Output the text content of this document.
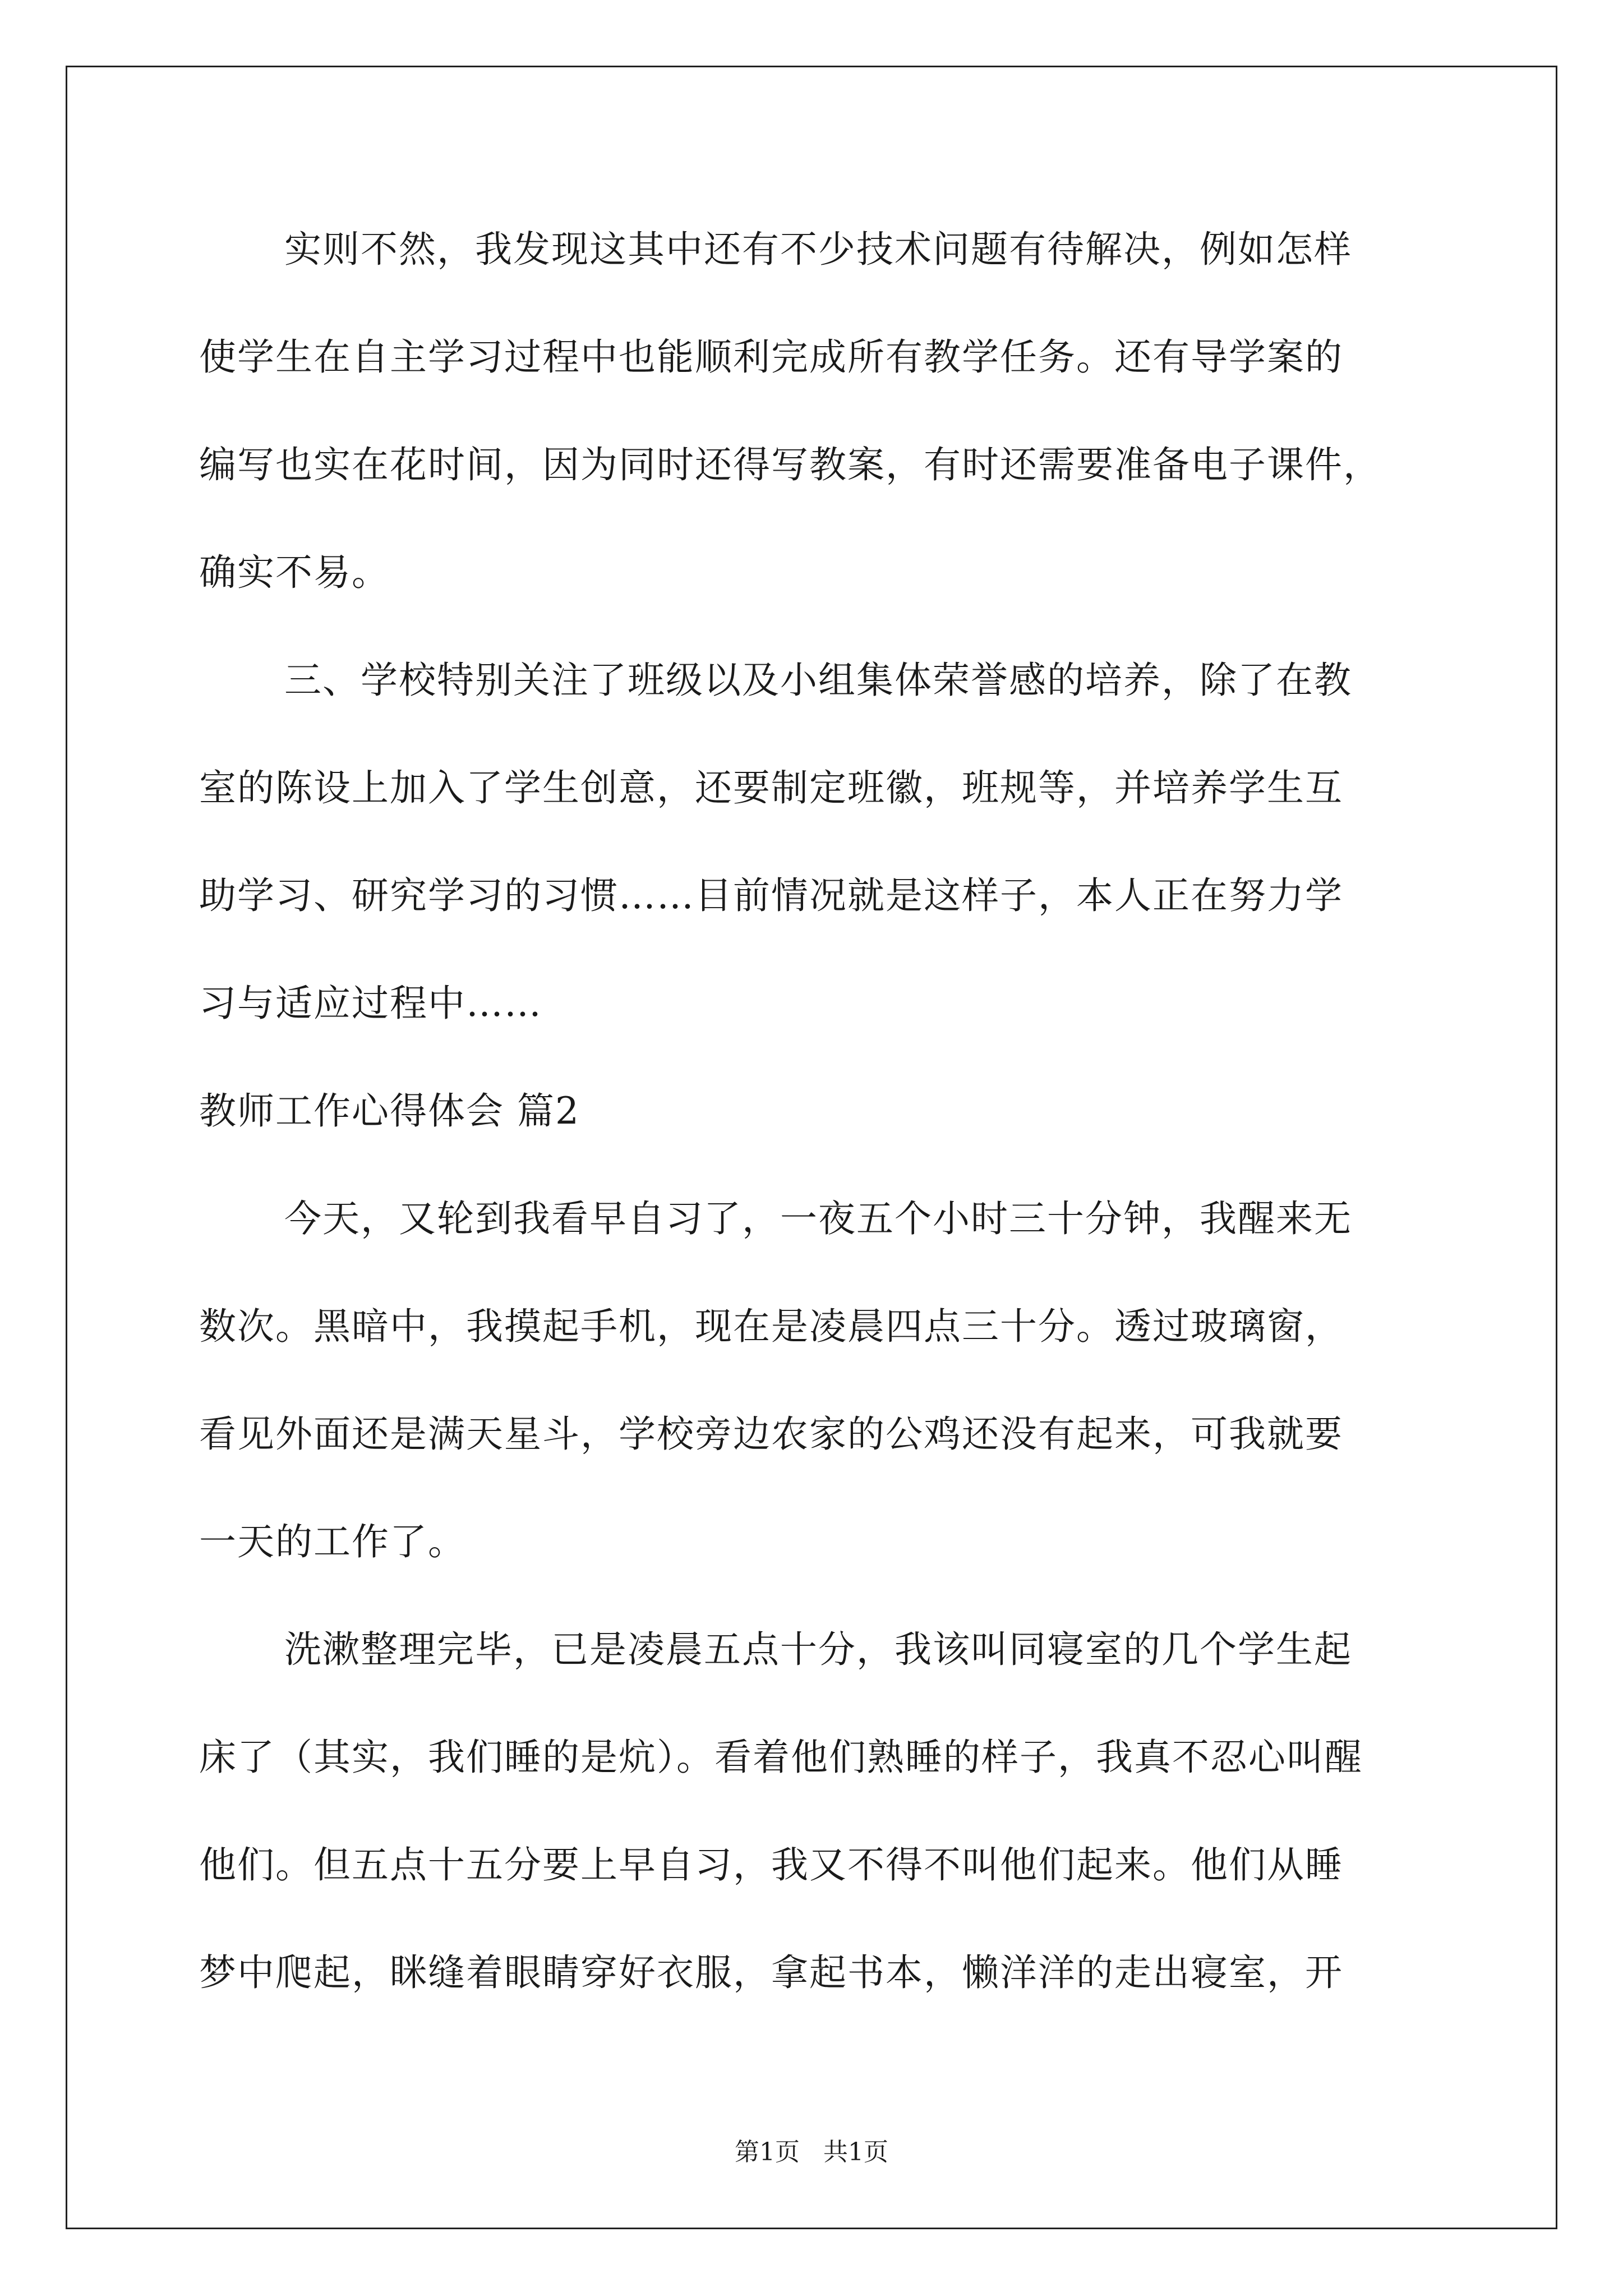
实则不然，我发现这其中还有不少技术问题有待解决，例如怎样
使学生在自主学习过程中也能顺利完成所有教学任务。还有导学案的
编写也实在花时间，因为同时还得写教案，有时还需要准备电子课件，
确实不易。
三、学校特别关注了班级以及小组集体荣誉感的培养，除了在教
室的陈设上加入了学生创意，还要制定班徽，班规等，并培养学生互
助学习、研究学习的习惯……目前情况就是这样子，本人正在努力学
习与适应过程中……
教师工作心得体会 篇2
今天，又轮到我看早自习了，一夜五个小时三十分钟，我醒来无
数次。黑暗中，我摸起手机，现在是凌晨四点三十分。透过玻璃窗，
看见外面还是满天星斗，学校旁边农家的公鸡还没有起来，可我就要
一天的工作了。
洗漱整理完毕，已是凌晨五点十分，我该叫同寝室的几个学生起
床了（其实，我们睡的是炕）。看着他们熟睡的样子，我真不忍心叫醒
他们。但五点十五分要上早自习，我又不得不叫他们起来。他们从睡
梦中爬起，眯缝着眼睛穿好衣服，拿起书本，懒洋洋的走出寝室，开
第1页   共1页
